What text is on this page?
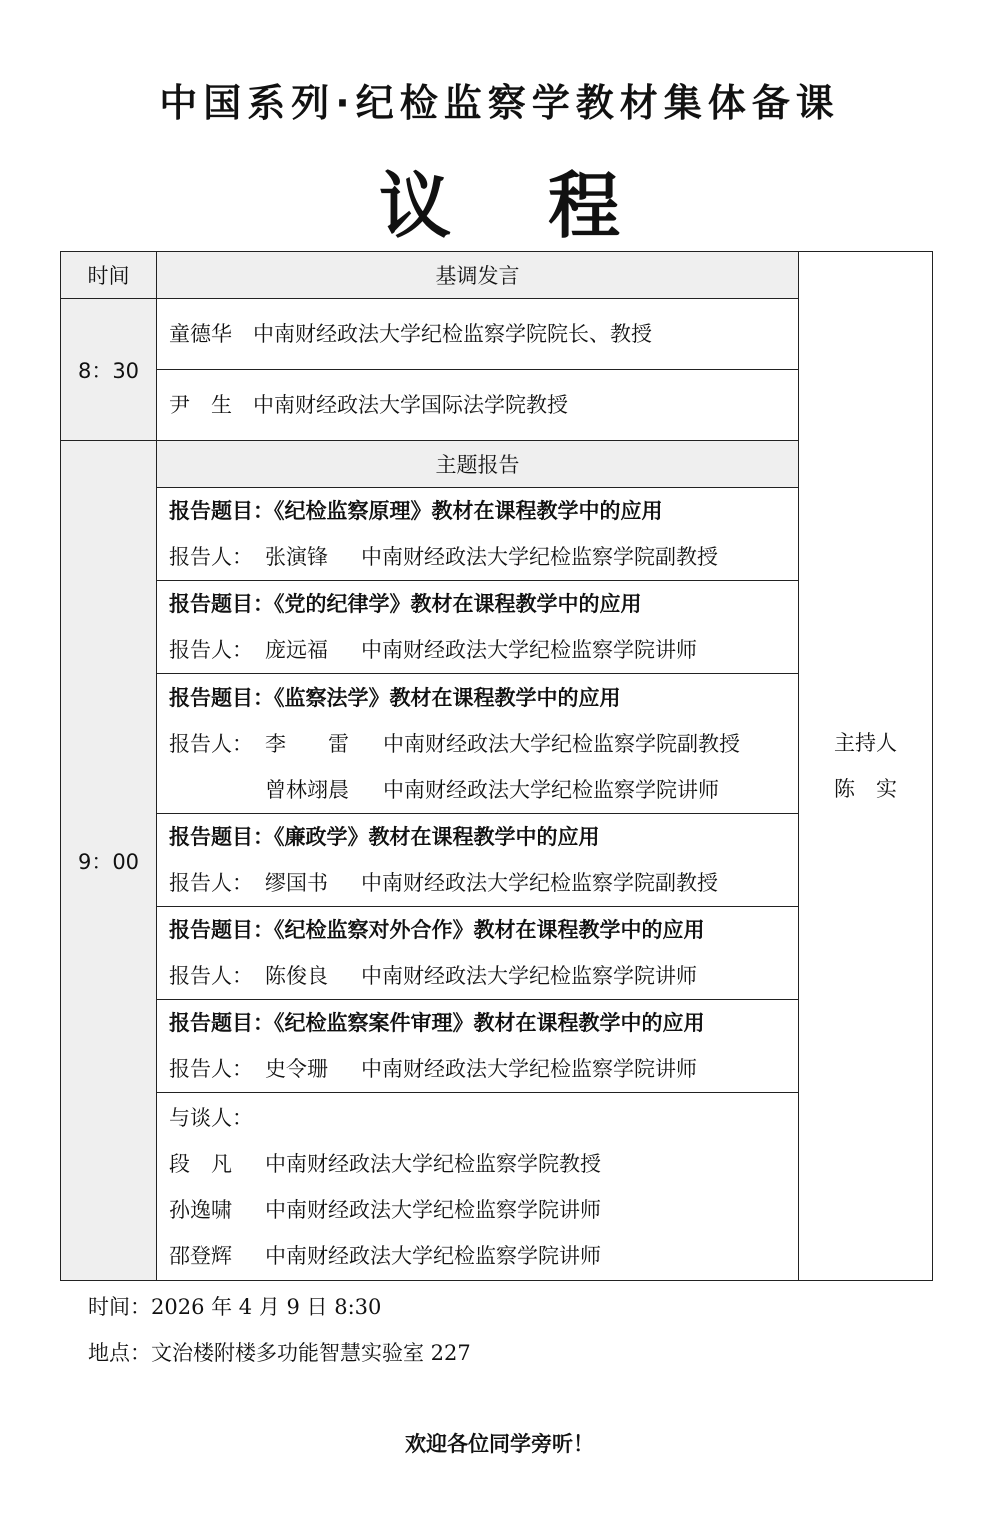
中国系列·纪检监察学教材集体备课
议 程
时间	基调发言	主持人
陈　实

8：30	童德华 中南财经政法大学纪检监察学院院长、教授	

	尹　生 中南财经政法大学国际法学院教授	

9：00	主题报告	

	报告题目：《纪检监察原理》教材在课程教学中的应用
报告人： 张演锋 中南财经政法大学纪检监察学院副教授	

	报告题目：《党的纪律学》教材在课程教学中的应用
报告人： 庞远福 中南财经政法大学纪检监察学院讲师	

	报告题目：《监察法学》教材在课程教学中的应用
报告人： 李　　雷 中南财经政法大学纪检监察学院副教授
曾林翊晨 中南财经政法大学纪检监察学院讲师	

	报告题目：《廉政学》教材在课程教学中的应用
报告人： 缪国书 中南财经政法大学纪检监察学院副教授	

	报告题目：《纪检监察对外合作》教材在课程教学中的应用
报告人： 陈俊良 中南财经政法大学纪检监察学院讲师	

	报告题目：《纪检监察案件审理》教材在课程教学中的应用
报告人： 史令珊 中南财经政法大学纪检监察学院讲师	

	与谈人：
段　凡 中南财经政法大学纪检监察学院教授
孙逸啸 中南财经政法大学纪检监察学院讲师
邵登辉 中南财经政法大学纪检监察学院讲师	
时间：2026 年 4 月 9 日 8:30
地点：文治楼附楼多功能智慧实验室 227
欢迎各位同学旁听！
